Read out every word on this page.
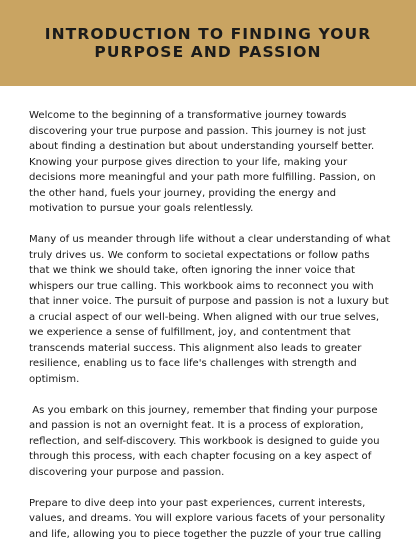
INTRODUCTION TO FINDING YOUR
PURPOSE AND PASSION

Welcome to the beginning of a transformative journey towards discovering your true purpose and passion. This journey is not just about finding a destination but about understanding yourself better. Knowing your purpose gives direction to your life, making your decisions more meaningful and your path more fulfilling. Passion, on the other hand, fuels your journey, providing the energy and motivation to pursue your goals relentlessly.

Many of us meander through life without a clear understanding of what truly drives us. We conform to societal expectations or follow paths that we think we should take, often ignoring the inner voice that whispers our true calling. This workbook aims to reconnect you with that inner voice. The pursuit of purpose and passion is not a luxury but a crucial aspect of our well-being. When aligned with our true selves, we experience a sense of fulfillment, joy, and contentment that transcends material success. This alignment also leads to greater resilience, enabling us to face life's challenges with strength and optimism.

As you embark on this journey, remember that finding your purpose and passion is not an overnight feat. It is a process of exploration, reflection, and self-discovery. This workbook is designed to guide you through this process, with each chapter focusing on a key aspect of discovering your purpose and passion.

Prepare to dive deep into your past experiences, current interests, values, and dreams. You will explore various facets of your personality and life, allowing you to piece together the puzzle of your true calling
